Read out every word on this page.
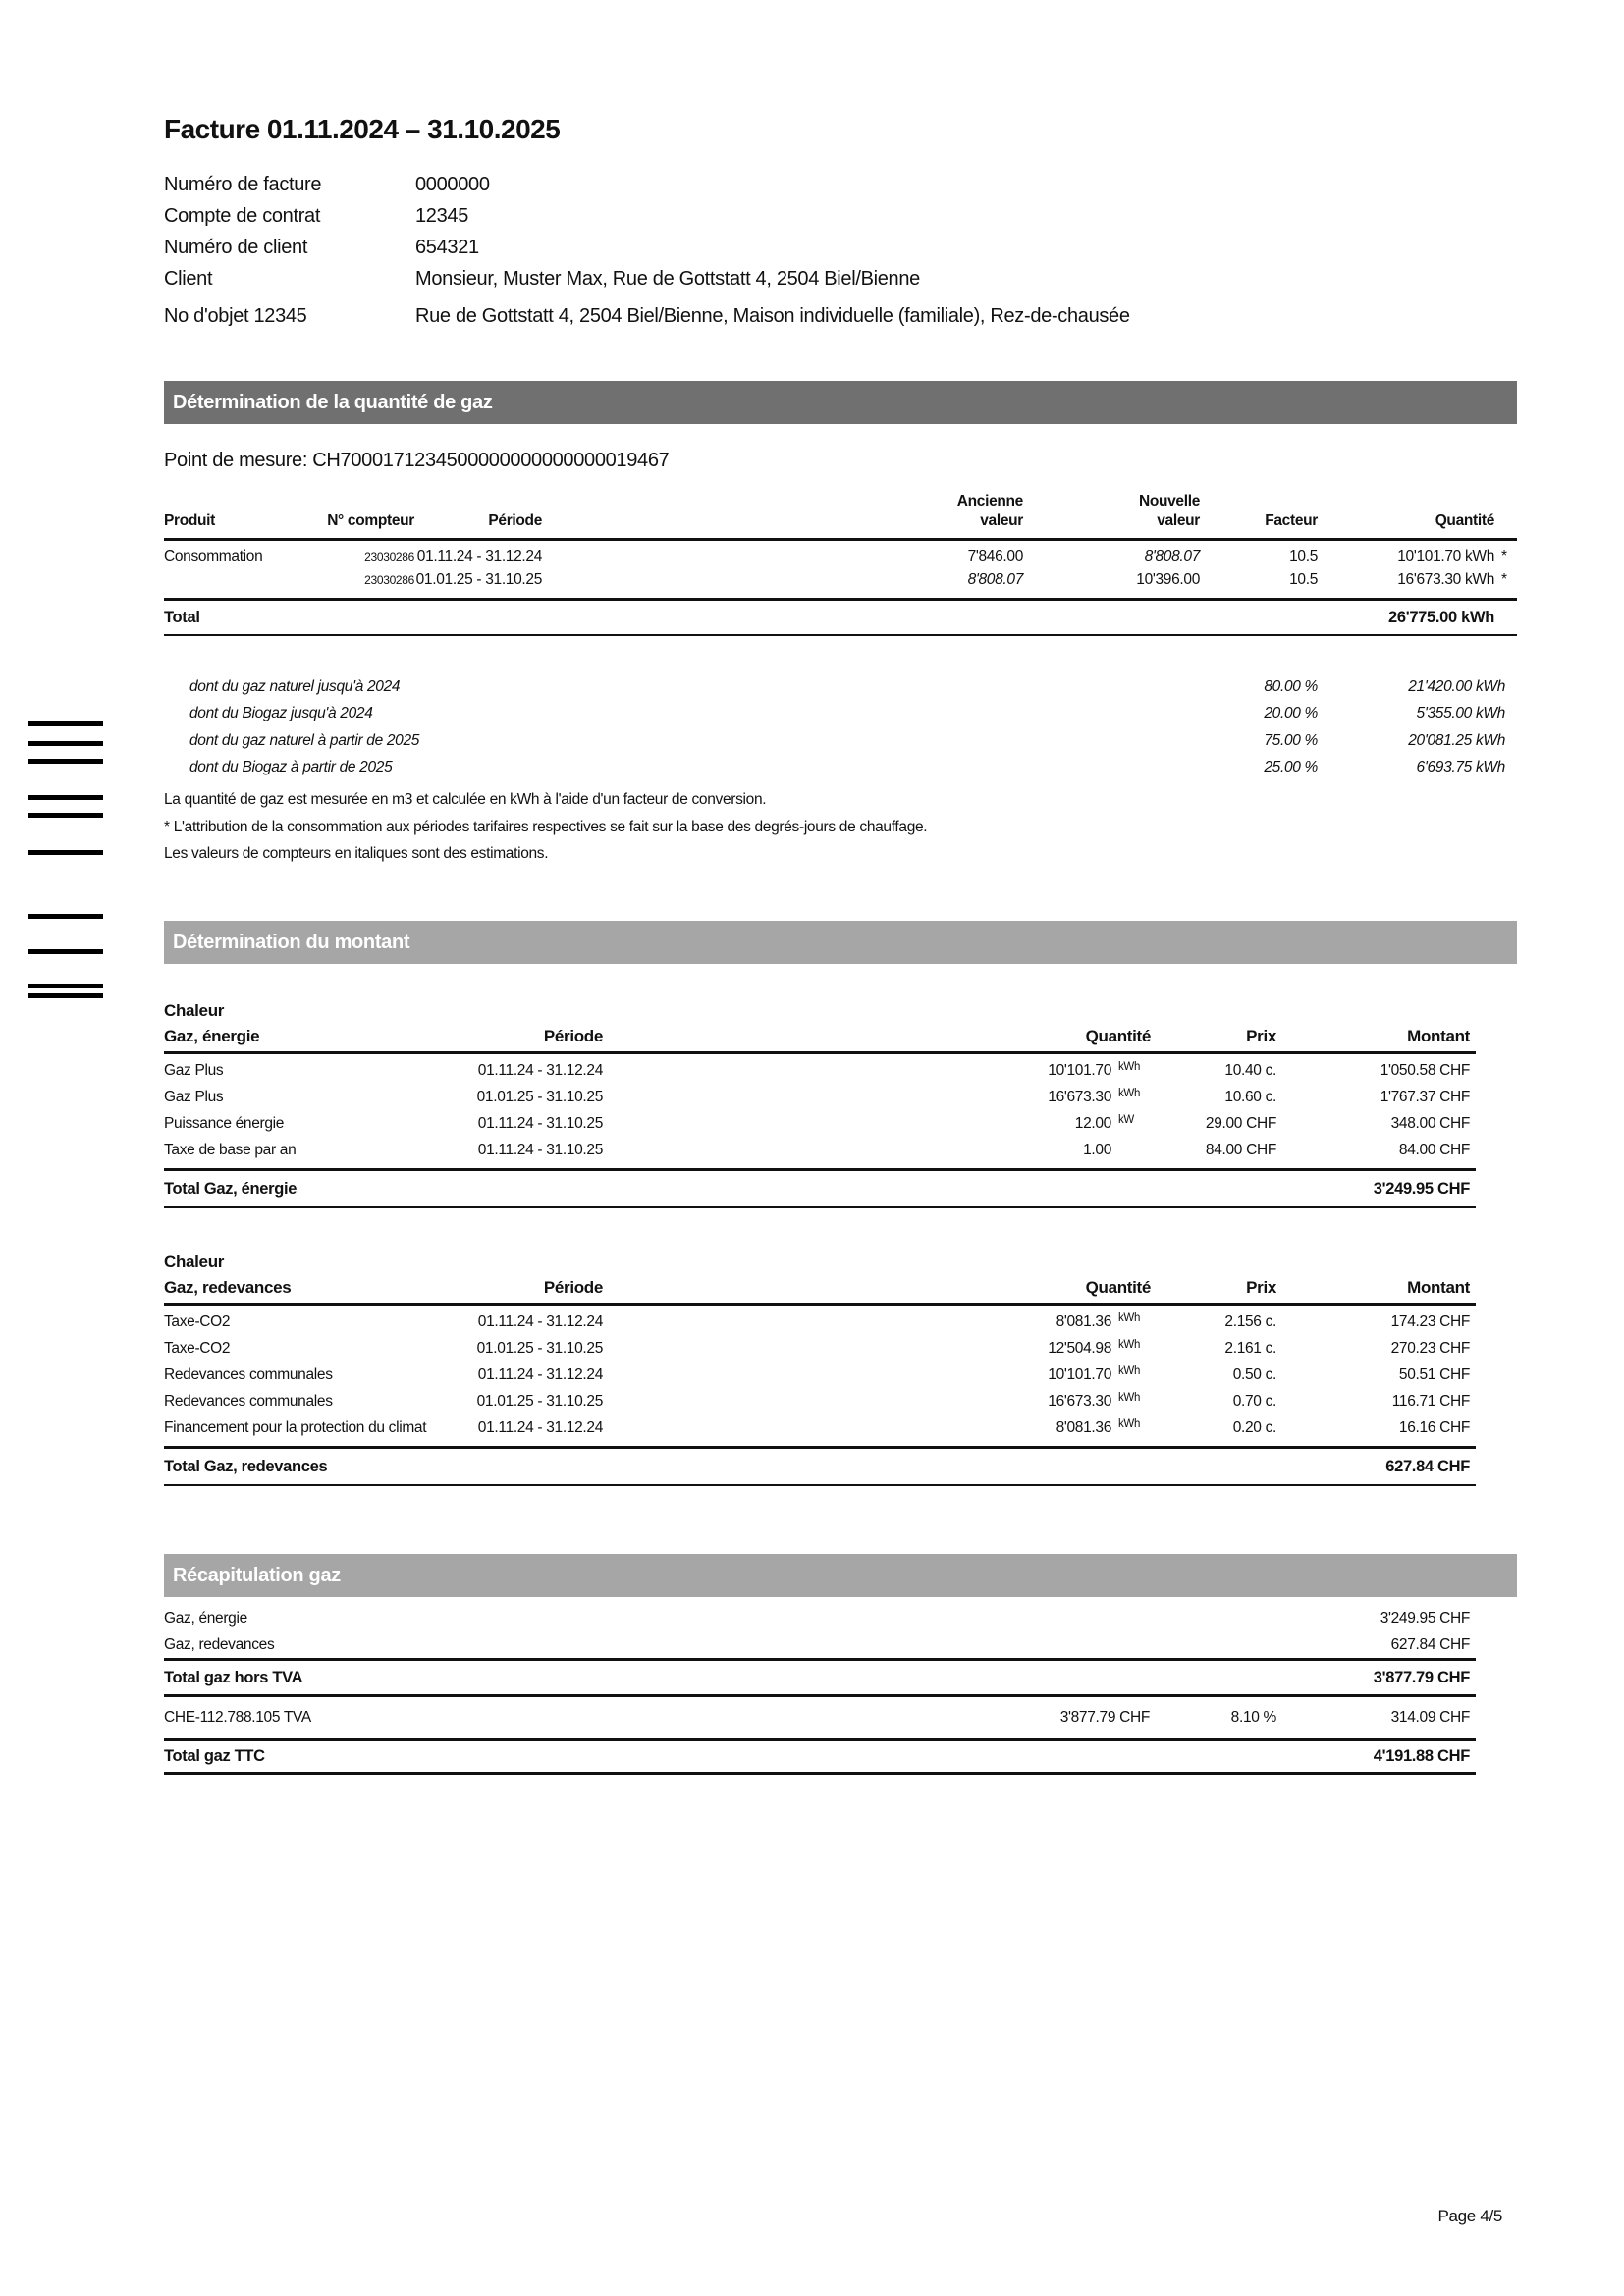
Facture 01.11.2024 – 31.10.2025
Numéro de facture	0000000
Compte de contrat	12345
Numéro de client	654321
Client	Monsieur, Muster Max, Rue de Gottstatt 4, 2504 Biel/Bienne
No d'objet 12345	Rue de Gottstatt 4, 2504 Biel/Bienne, Maison individuelle (familiale), Rez-de-chausée
Détermination de la quantité de gaz
Point de mesure: CH7000171234500000000000000019467
Ancienne	Nouvelle
Produit	N° compteur	Période	valeur	valeur	Facteur	Quantité
Consommation	23030286 01.11.24 - 31.12.24	7'846.00	8'808.07	10.5	10'101.70 kWh *
23030286 01.01.25 - 31.10.25	8'808.07	10'396.00	10.5	16'673.30 kWh *
Total	26'775.00 kWh
dont du gaz naturel jusqu'à 2024	80.00 %	21'420.00 kWh
dont du Biogaz jusqu'à 2024	20.00 %	5'355.00 kWh
dont du gaz naturel à partir de 2025	75.00 %	20'081.25 kWh
dont du Biogaz à partir de 2025	25.00 %	6'693.75 kWh
La quantité de gaz est mesurée en m3 et calculée en kWh à l'aide d'un facteur de conversion.
* L'attribution de la consommation aux périodes tarifaires respectives se fait sur la base des degrés-jours de chauffage.
Les valeurs de compteurs en italiques sont des estimations.
Détermination du montant
Chaleur
Gaz, énergie	Période	Quantité	Prix	Montant
Gaz Plus	01.11.24 - 31.12.24	10'101.70 kWh	10.40 c.	1'050.58 CHF
Gaz Plus	01.01.25 - 31.10.25	16'673.30 kWh	10.60 c.	1'767.37 CHF
Puissance énergie	01.11.24 - 31.10.25	12.00 kW	29.00 CHF	348.00 CHF
Taxe de base par an	01.11.24 - 31.10.25	1.00	84.00 CHF	84.00 CHF
Total Gaz, énergie	3'249.95 CHF
Chaleur
Gaz, redevances	Période	Quantité	Prix	Montant
Taxe-CO2	01.11.24 - 31.12.24	8'081.36 kWh	2.156 c.	174.23 CHF
Taxe-CO2	01.01.25 - 31.10.25	12'504.98 kWh	2.161 c.	270.23 CHF
Redevances communales	01.11.24 - 31.12.24	10'101.70 kWh	0.50 c.	50.51 CHF
Redevances communales	01.01.25 - 31.10.25	16'673.30 kWh	0.70 c.	116.71 CHF
Financement pour la protection du climat	01.11.24 - 31.12.24	8'081.36 kWh	0.20 c.	16.16 CHF
Total Gaz, redevances	627.84 CHF
Récapitulation gaz
Gaz, énergie	3'249.95 CHF
Gaz, redevances	627.84 CHF
Total gaz hors TVA	3'877.79 CHF
CHE-112.788.105 TVA	3'877.79 CHF	8.10 %	314.09 CHF
Total gaz TTC	4'191.88 CHF
Page 4/5
